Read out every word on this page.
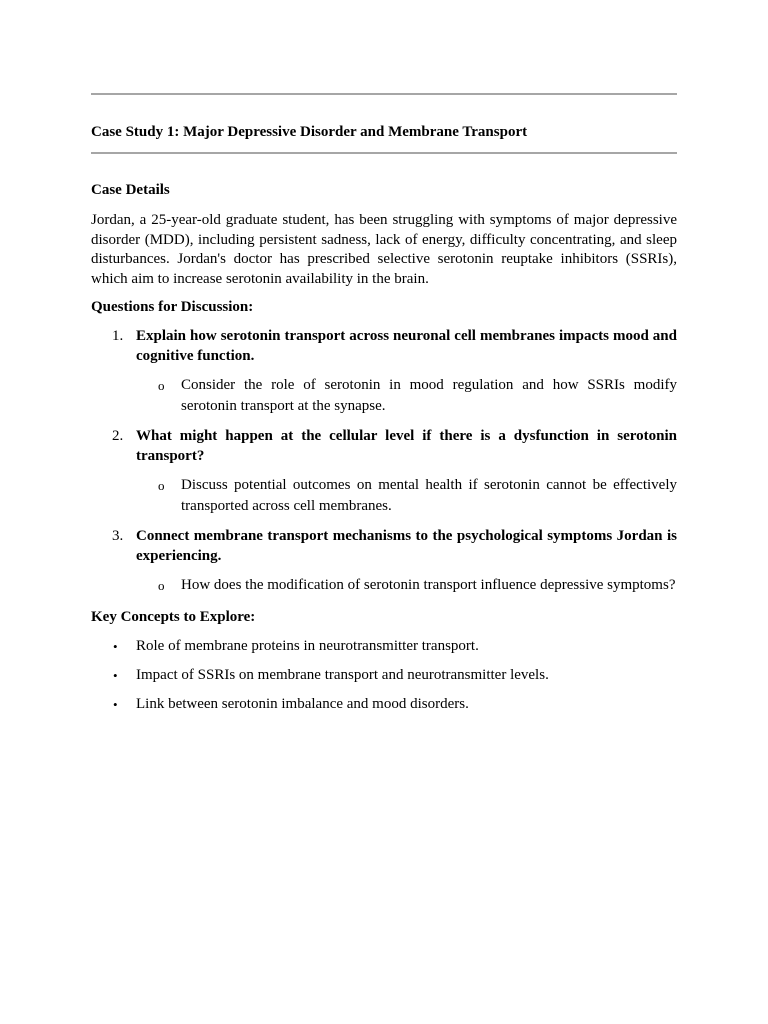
Case Study 1: Major Depressive Disorder and Membrane Transport
Case Details
Jordan, a 25-year-old graduate student, has been struggling with symptoms of major depressive disorder (MDD), including persistent sadness, lack of energy, difficulty concentrating, and sleep disturbances. Jordan's doctor has prescribed selective serotonin reuptake inhibitors (SSRIs), which aim to increase serotonin availability in the brain.
Questions for Discussion:
1. Explain how serotonin transport across neuronal cell membranes impacts mood and cognitive function.
o Consider the role of serotonin in mood regulation and how SSRIs modify serotonin transport at the synapse.
2. What might happen at the cellular level if there is a dysfunction in serotonin transport?
o Discuss potential outcomes on mental health if serotonin cannot be effectively transported across cell membranes.
3. Connect membrane transport mechanisms to the psychological symptoms Jordan is experiencing.
o How does the modification of serotonin transport influence depressive symptoms?
Key Concepts to Explore:
• Role of membrane proteins in neurotransmitter transport.
• Impact of SSRIs on membrane transport and neurotransmitter levels.
• Link between serotonin imbalance and mood disorders.
